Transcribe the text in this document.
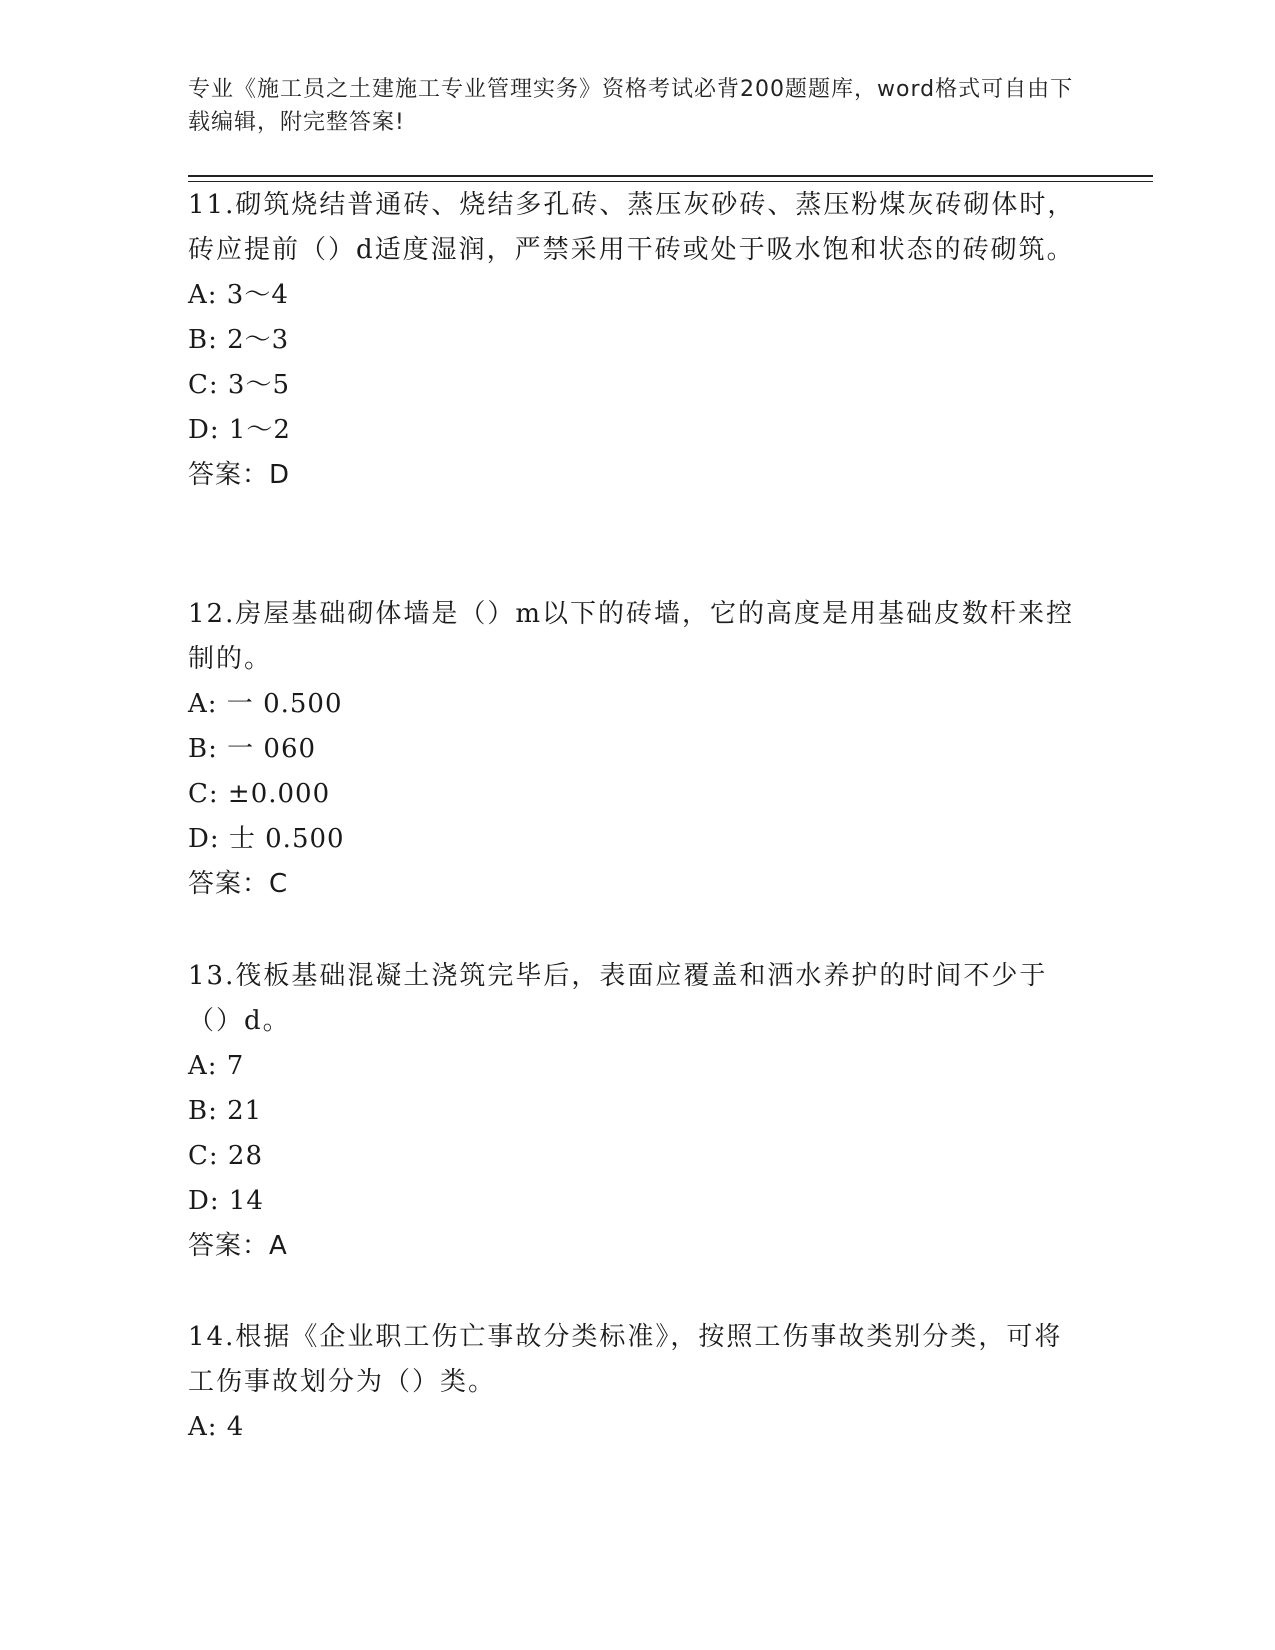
专业《施工员之土建施工专业管理实务》资格考试必背200题题库，word格式可自由下载编辑，附完整答案!

11.砌筑烧结普通砖、烧结多孔砖、蒸压灰砂砖、蒸压粉煤灰砖砌体时，砖应提前（）d适度湿润，严禁采用干砖或处于吸水饱和状态的砖砌筑。

A: 3～4

B: 2～3

C: 3～5

D: 1～2

答案：D

12.房屋基础砌体墙是（）m以下的砖墙，它的高度是用基础皮数杆来控制的。

A: 一 0.500

B: 一 060

C: ±0.000

D: 士 0.500

答案：C

13.筏板基础混凝土浇筑完毕后，表面应覆盖和洒水养护的时间不少于（）d。

A: 7

B: 21

C: 28

D: 14

答案：A

14.根据《企业职工伤亡事故分类标准》，按照工伤事故类别分类，可将工伤事故划分为（）类。

A: 4
